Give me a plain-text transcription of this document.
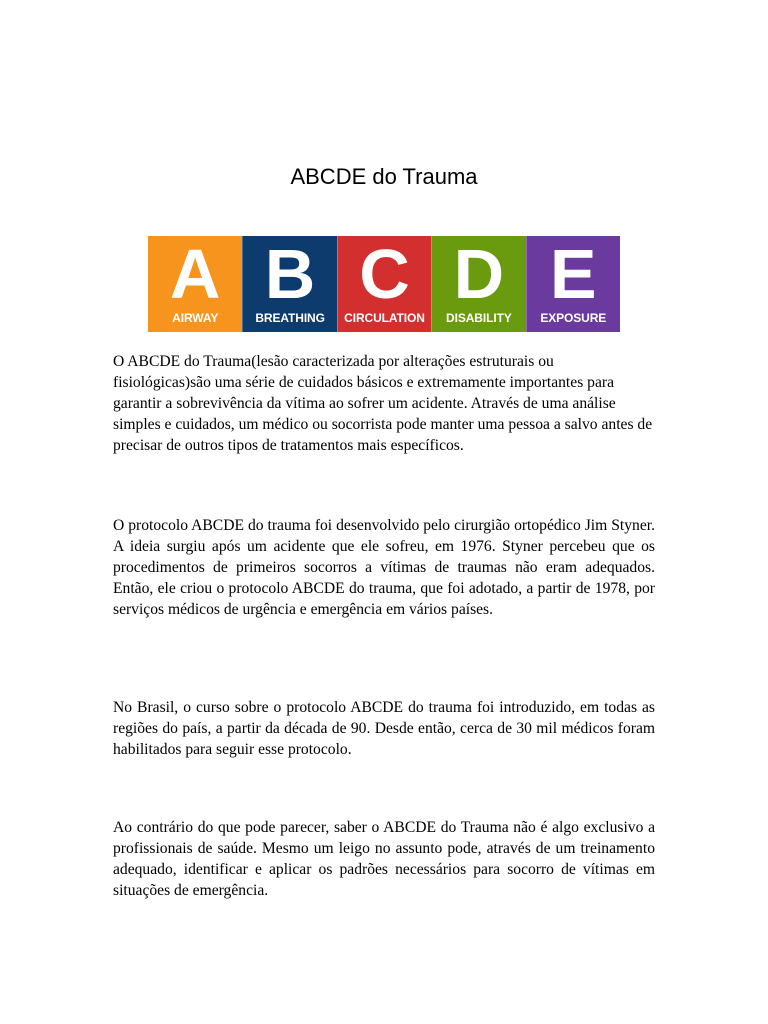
ABCDE do Trauma
A
AIRWAY
B
BREATHING
C
CIRCULATION
D
DISABILITY
E
EXPOSURE

O ABCDE do Trauma(lesão caracterizada por alterações estruturais ou fisiológicas)são uma série de cuidados básicos e extremamente importantes para garantir a sobrevivência da vítima ao sofrer um acidente. Através de uma análise simples e cuidados, um médico ou socorrista pode manter uma pessoa a salvo antes de precisar de outros tipos de tratamentos mais específicos.

O protocolo ABCDE do trauma foi desenvolvido pelo cirurgião ortopédico Jim Styner. A ideia surgiu após um acidente que ele sofreu, em 1976. Styner percebeu que os procedimentos de primeiros socorros a vítimas de traumas não eram adequados. Então, ele criou o protocolo ABCDE do trauma, que foi adotado, a partir de 1978, por serviços médicos de urgência e emergência em vários países.

No Brasil, o curso sobre o protocolo ABCDE do trauma foi introduzido, em todas as regiões do país, a partir da década de 90. Desde então, cerca de 30 mil médicos foram habilitados para seguir esse protocolo.

Ao contrário do que pode parecer, saber o ABCDE do Trauma não é algo exclusivo a profissionais de saúde. Mesmo um leigo no assunto pode, através de um treinamento adequado, identificar e aplicar os padrões necessários para socorro de vítimas em situações de emergência.
